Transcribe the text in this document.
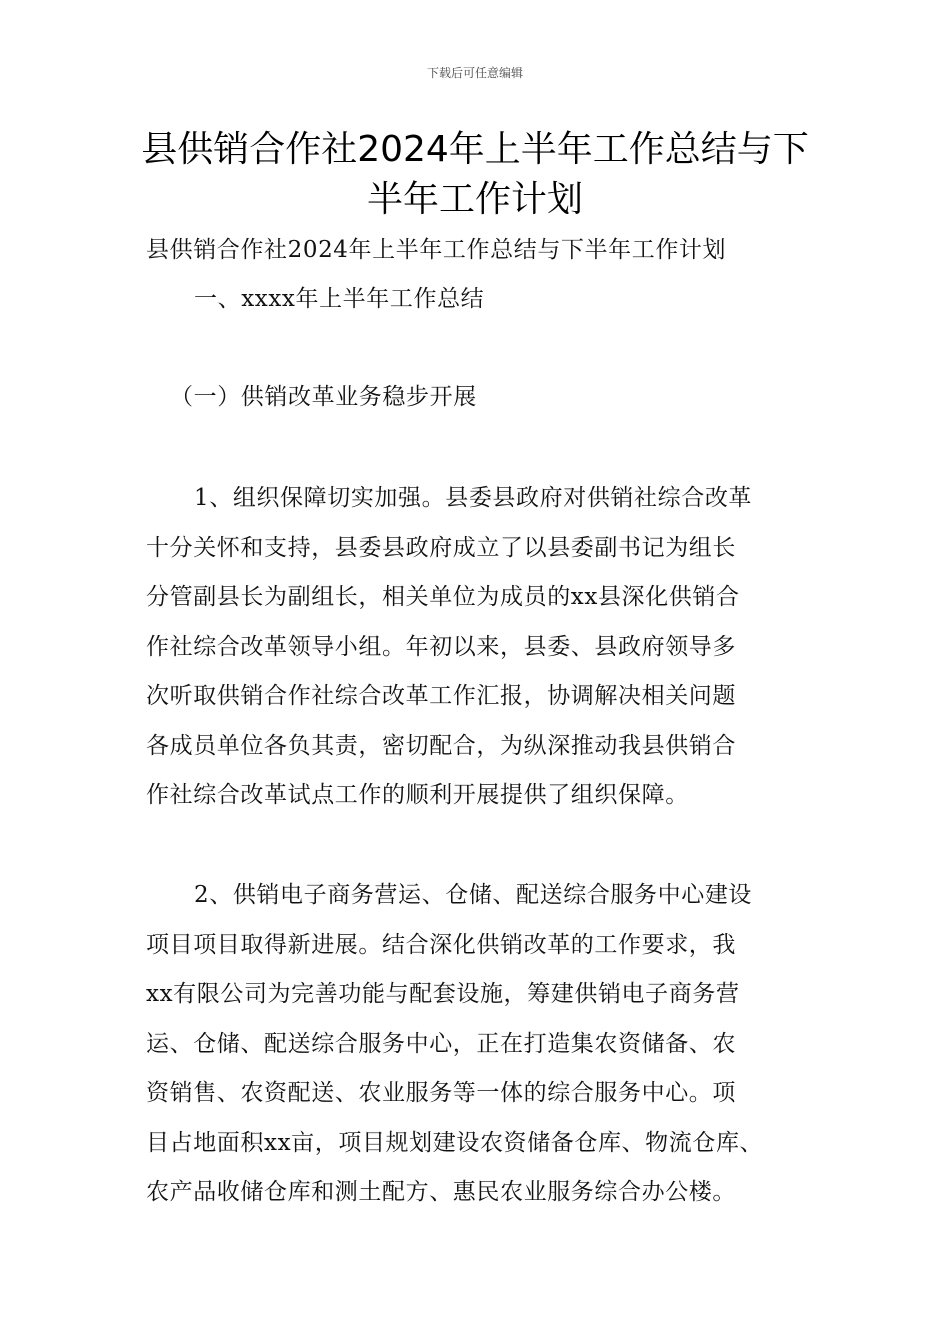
下载后可任意编辑
县供销合作社2024年上半年工作总结与下
半年工作计划
县供销合作社2024年上半年工作总结与下半年工作计划
一、xxxx年上半年工作总结
（一）供销改革业务稳步开展
1、组织保障切实加强。县委县政府对供销社综合改革
十分关怀和支持，县委县政府成立了以县委副书记为组长
分管副县长为副组长，相关单位为成员的xx县深化供销合
作社综合改革领导小组。年初以来，县委、县政府领导多
次听取供销合作社综合改革工作汇报，协调解决相关问题
各成员单位各负其责，密切配合，为纵深推动我县供销合
作社综合改革试点工作的顺利开展提供了组织保障。
2、供销电子商务营运、仓储、配送综合服务中心建设
项目项目取得新进展。结合深化供销改革的工作要求，我
xx有限公司为完善功能与配套设施，筹建供销电子商务营
运、仓储、配送综合服务中心，正在打造集农资储备、农
资销售、农资配送、农业服务等一体的综合服务中心。项
目占地面积xx亩，项目规划建设农资储备仓库、物流仓库、
农产品收储仓库和测土配方、惠民农业服务综合办公楼。
